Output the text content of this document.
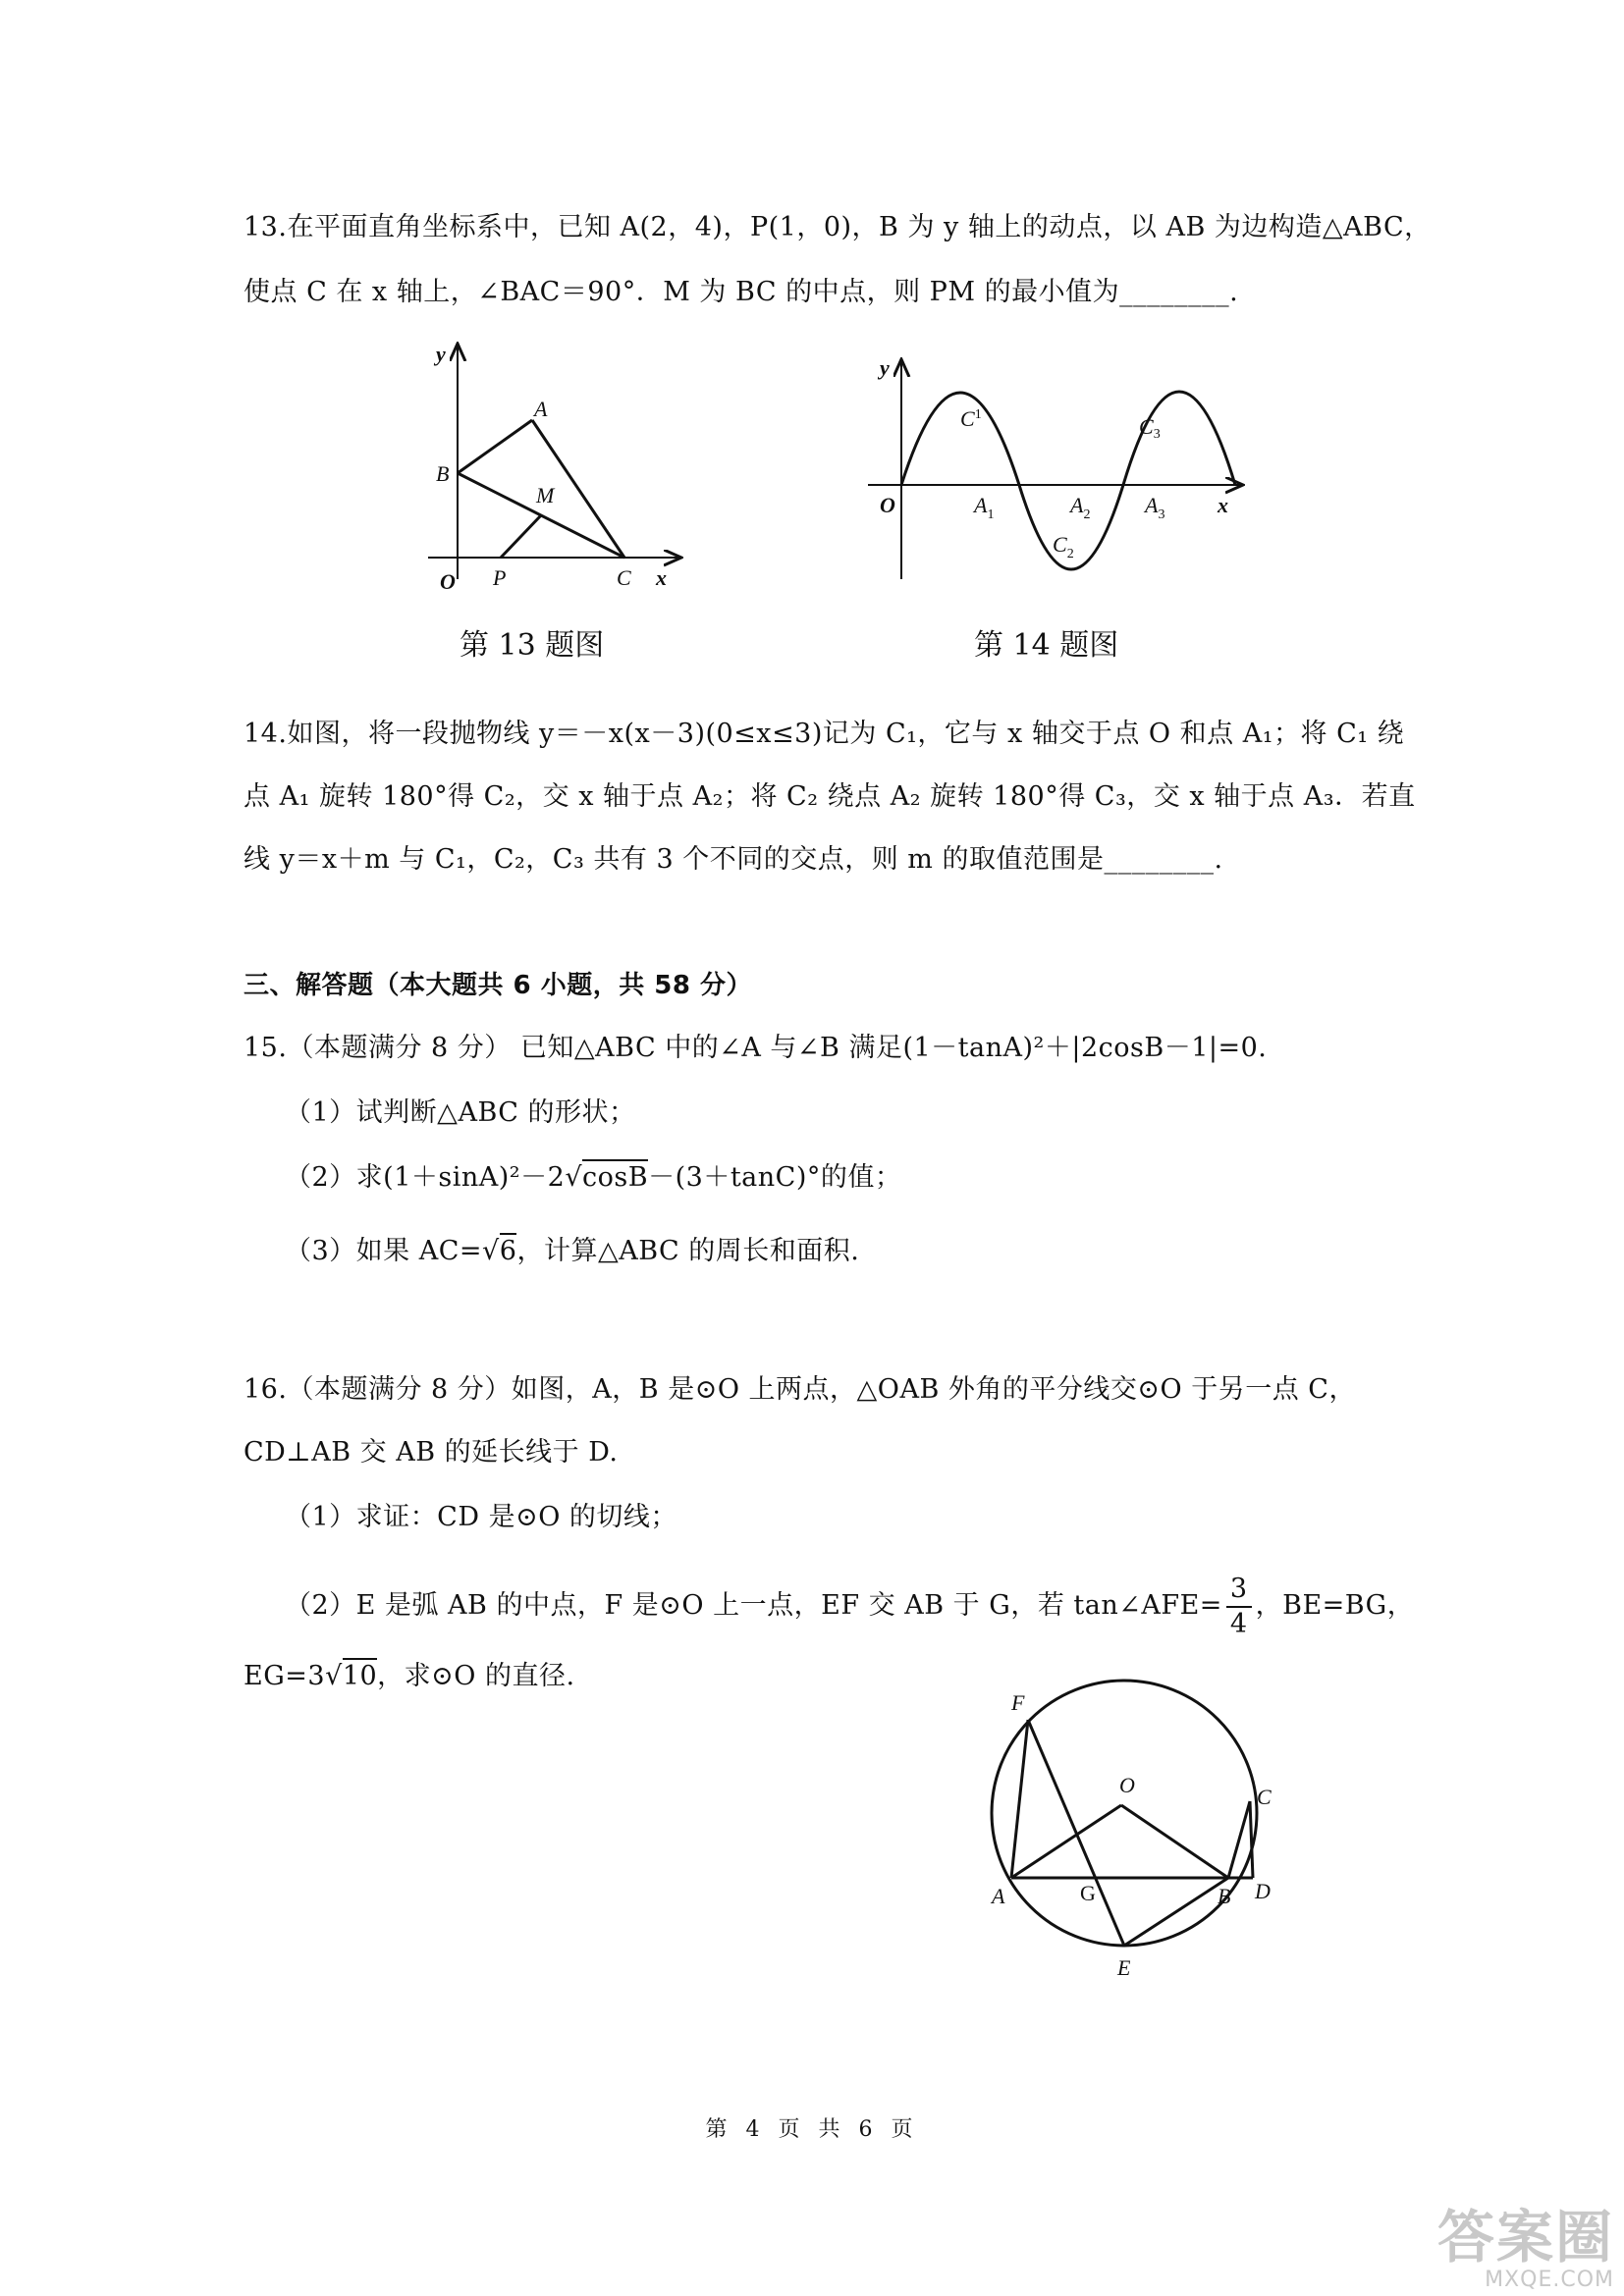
13.在平面直角坐标系中，已知 A(2，4)，P(1，0)，B 为 y 轴上的动点，以 AB 为边构造△ABC，
使点 C 在 x 轴上，∠BAC＝90°．M 为 BC 的中点，则 PM 的最小值为________.
y
x
O
A
B
M
P	C
第 13 题图
y
x
O
$C^1$
$C_2$
C3
$A_1$	$A_2$	$A_3$
第 14 题图
14.如图，将一段抛物线 y＝－x(x－3)(0≤x≤3)记为 C₁，它与 x 轴交于点 O 和点 A₁；将 C₁ 绕
点 A₁ 旋转 180°得 C₂，交 x 轴于点 A₂；将 C₂ 绕点 A₂ 旋转 180°得 C₃，交 x 轴于点 A₃．若直
线 y＝x＋m 与 C₁，C₂，C₃ 共有 3 个不同的交点，则 m 的取值范围是________.
三、解答题（本大题共 6 小题，共 58 分）
15.（本题满分 8 分） 已知△ABC 中的∠A 与∠B 满足(1－tanA)²＋|2cosB－1|=0.
（1）试判断△ABC 的形状；
（2）求(1＋sinA)²－2√cosB－(3＋tanC)°的值；
（3）如果 AC=√6，计算△ABC 的周长和面积.
16.（本题满分 8 分）如图，A，B 是⊙O 上两点，△OAB 外角的平分线交⊙O 于另一点 C，
CD⊥AB 交 AB 的延长线于 D.
（1）求证：CD 是⊙O 的切线；
（2）E 是弧 AB 的中点，F 是⊙O 上一点，EF 交 AB 于 G，若 tan∠AFE= $\frac{3}{4}$ ，BE=BG，
EG=3√10，求⊙O 的直径.
F
O	C
A	G	B D
E
第 4 页 共 6 页
答案圈
MXQE.COM
